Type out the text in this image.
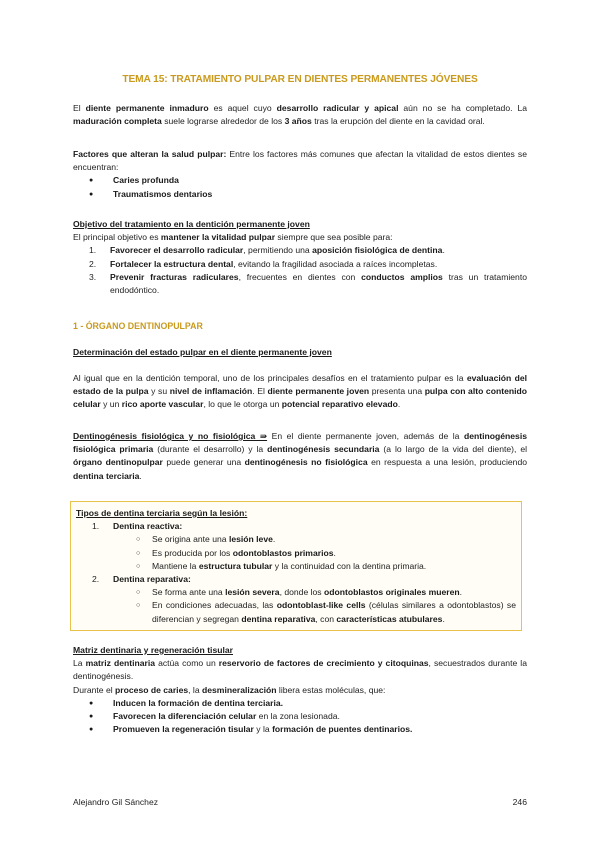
TEMA 15: TRATAMIENTO PULPAR EN DIENTES PERMANENTES JÓVENES

El diente permanente inmaduro es aquel cuyo desarrollo radicular y apical aún no se ha completado. La maduración completa suele lograrse alrededor de los 3 años tras la erupción del diente en la cavidad oral.

Factores que alteran la salud pulpar: Entre los factores más comunes que afectan la vitalidad de estos dientes se encuentran:

● Caries profunda
● Traumatismos dentarios

Objetivo del tratamiento en la dentición permanente joven

El principal objetivo es mantener la vitalidad pulpar siempre que sea posible para:

1. Favorecer el desarrollo radicular, permitiendo una aposición fisiológica de dentina.
2. Fortalecer la estructura dental, evitando la fragilidad asociada a raíces incompletas.
3. Prevenir fracturas radiculares, frecuentes en dientes con conductos amplios tras un tratamiento endodóntico.
1 - ÓRGANO DENTINOPULPAR

Determinación del estado pulpar en el diente permanente joven

Al igual que en la dentición temporal, uno de los principales desafíos en el tratamiento pulpar es la evaluación del estado de la pulpa y su nivel de inflamación. El diente permanente joven presenta una pulpa con alto contenido celular y un rico aporte vascular, lo que le otorga un potencial reparativo elevado.

Dentinogénesis fisiológica y no fisiológica ⇛ En el diente permanente joven, además de la dentinogénesis fisiológica primaria (durante el desarrollo) y la dentinogénesis secundaria (a lo largo de la vida del diente), el órgano dentinopulpar puede generar una dentinogénesis no fisiológica en respuesta a una lesión, produciendo dentina terciaria.

Tipos de dentina terciaria según la lesión:

1. Dentina reactiva:
○ Se origina ante una lesión leve.
○ Es producida por los odontoblastos primarios.
○ Mantiene la estructura tubular y la continuidad con la dentina primaria.
2. Dentina reparativa:
○ Se forma ante una lesión severa, donde los odontoblastos originales mueren.
○ En condiciones adecuadas, las odontoblast-like cells (células similares a odontoblastos) se diferencian y segregan dentina reparativa, con características atubulares.

Matriz dentinaria y regeneración tisular

La matriz dentinaria actúa como un reservorio de factores de crecimiento y citoquinas, secuestrados durante la dentinogénesis.

Durante el proceso de caries, la desmineralización libera estas moléculas, que:

● Inducen la formación de dentina terciaria.
● Favorecen la diferenciación celular en la zona lesionada.
● Promueven la regeneración tisular y la formación de puentes dentinarios.
Alejandro Gil Sánchez	246
